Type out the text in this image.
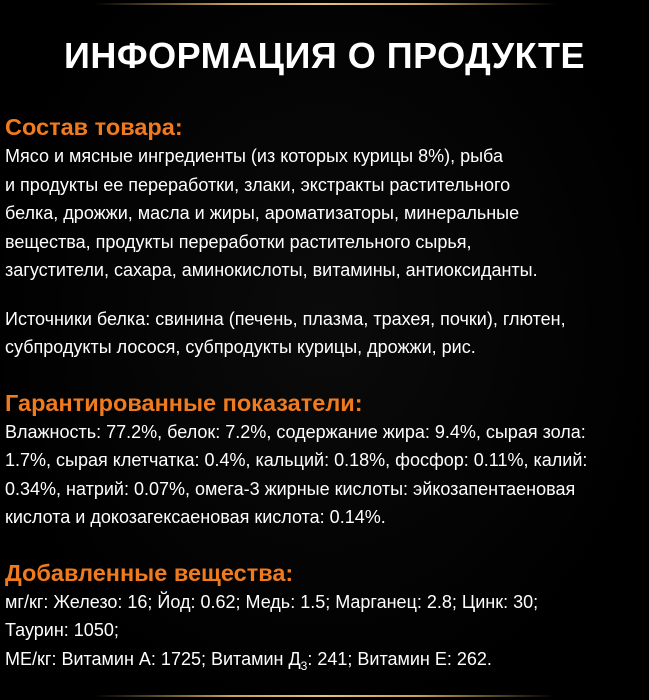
ИНФОРМАЦИЯ О ПРОДУКТЕ
Состав товара:

Мясо и мясные ингредиенты (из которых курицы 8%), рыба
и продукты ее переработки, злаки, экстракты растительного
белка, дрожжи, масла и жиры, ароматизаторы, минеральные
вещества, продукты переработки растительного сырья,
загустители, сахара, аминокислоты, витамины, антиоксиданты.

Источники белка: свинина (печень, плазма, трахея, почки), глютен,
субпродукты лосося, субпродукты курицы, дрожжи, рис.

Гарантированные показатели:

Влажность: 77.2%, белок: 7.2%, содержание жира: 9.4%, сырая зола:
1.7%, сырая клетчатка: 0.4%, кальций: 0.18%, фосфор: 0.11%, калий:
0.34%, натрий: 0.07%, омега-3 жирные кислоты: эйкозапентаеновая
кислота и докозагексаеновая кислота: 0.14%.

Добавленные вещества:

мг/кг: Железо: 16; Йод: 0.62; Медь: 1.5; Марганец: 2.8; Цинк: 30;

Таурин: 1050;

МЕ/кг: Витамин А: 1725; Витамин $Д_3$: 241; Витамин Е: 262.
